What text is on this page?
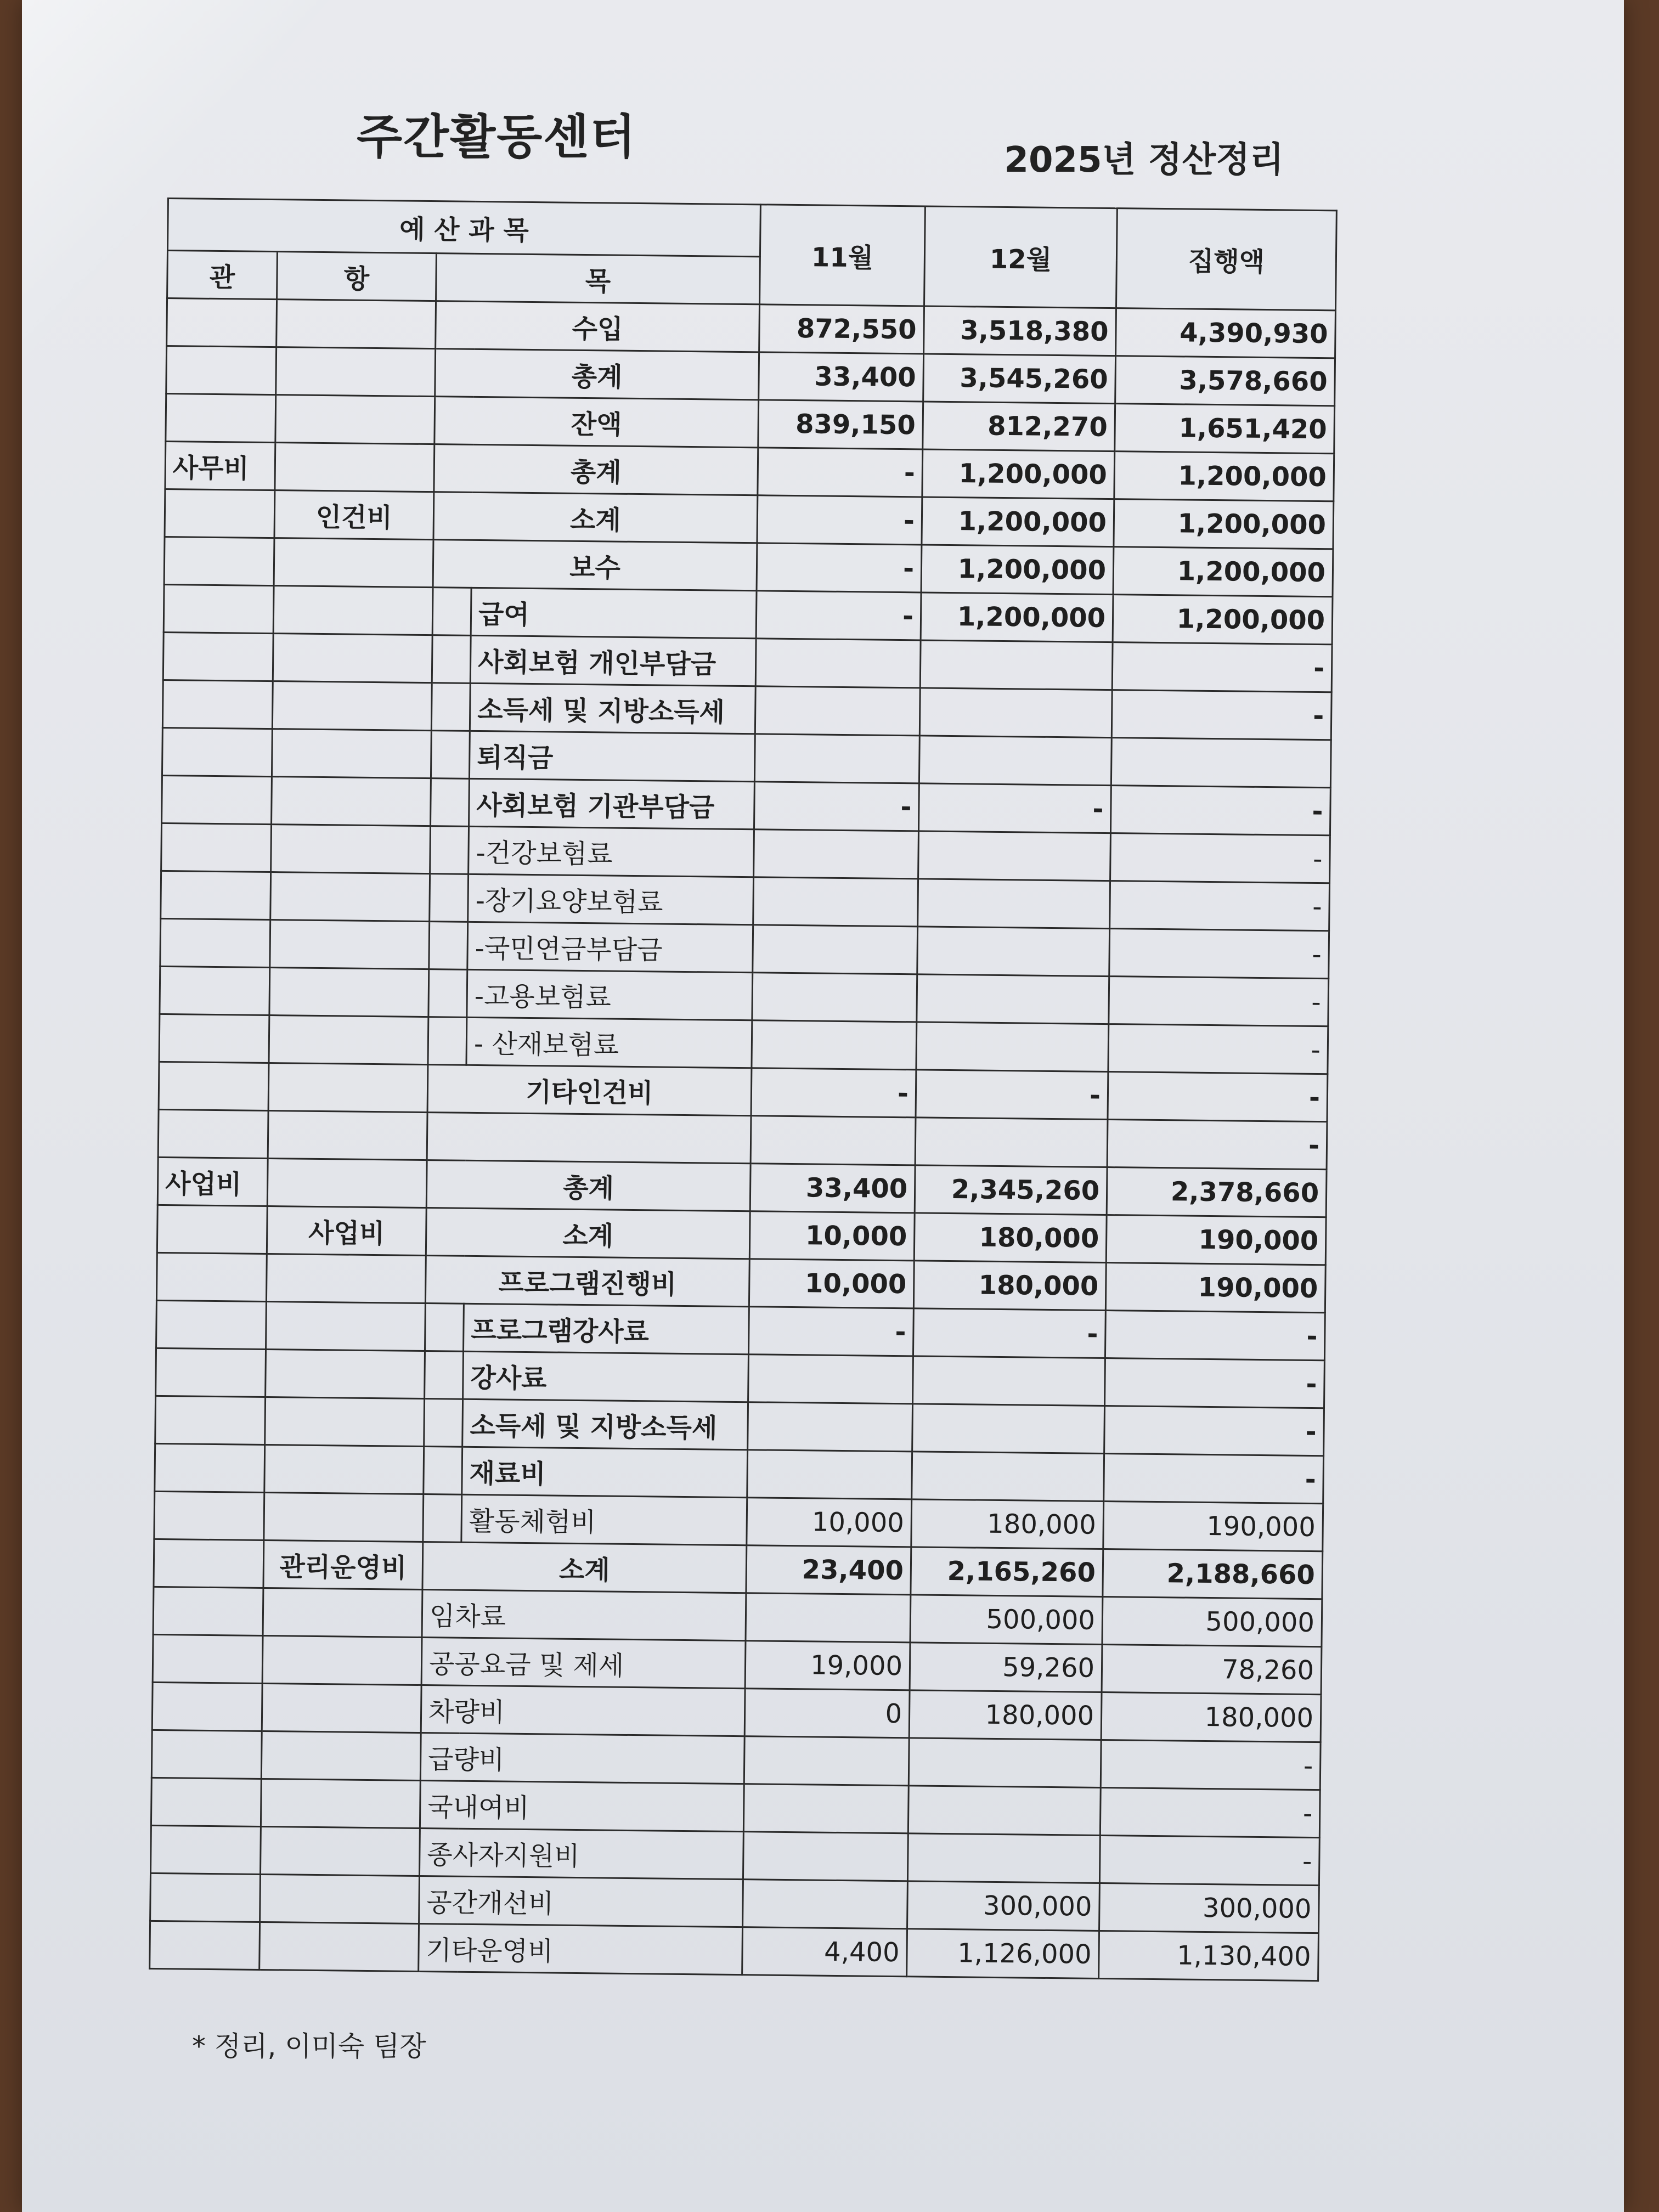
주간활동센터	2025년 정산정리
예 산 과 목				11월	12월	집행액
관	항	목				
		수입		872,550	3,518,380	4,390,930
		총계		33,400	3,545,260	3,578,660
		잔액		839,150	812,270	1,651,420
사무비		총계		-	1,200,000	1,200,000
	인건비	소계		-	1,200,000	1,200,000
		보수		-	1,200,000	1,200,000
			급여	-	1,200,000	1,200,000
			사회보험 개인부담금			-
			소득세 및 지방소득세			-
			퇴직금			
			사회보험 기관부담금	-	-	-
			-건강보험료			-
			-장기요양보험료			-
			-국민연금부담금			-
			-고용보험료			-
			- 산재보험료			-
		기타인건비		-	-	-
						-
사업비		총계		33,400	2,345,260	2,378,660
	사업비	소계		10,000	180,000	190,000
		프로그램진행비		10,000	180,000	190,000
			프로그램강사료	-	-	-
			강사료			-
			소득세 및 지방소득세			-
			재료비			-
			활동체험비	10,000	180,000	190,000
	관리운영비	소계		23,400	2,165,260	2,188,660
		임차료			500,000	500,000
		공공요금 및 제세		19,000	59,260	78,260
		차량비		0	180,000	180,000
		급량비				-
		국내여비				-
		종사자지원비				-
		공간개선비			300,000	300,000
		기타운영비		4,400	1,126,000	1,130,400
* 정리, 이미숙 팀장
